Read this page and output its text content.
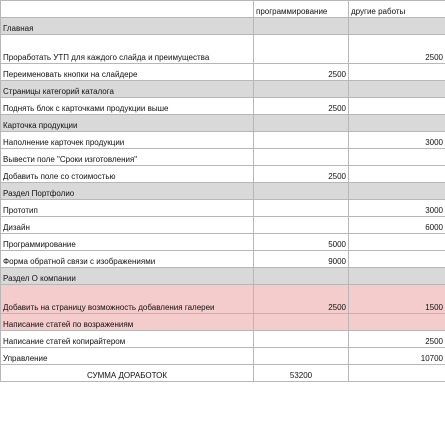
	программирование	другие работы
Главная		
Проработать УТП для каждого слайда и преимущества		2500
Переименовать кнопки на слайдере	2500	
Страницы категорий каталога		
Поднять блок с карточками продукции выше	2500	
Карточка продукции		
Наполнение карточек продукции		3000
Вывести поле "Сроки изготовления"		
Добавить поле со стоимостью	2500	
Раздел Портфолио		
Прототип		3000
Дизайн		6000
Программирование	5000	
Форма обратной связи с изображениями	9000	
Раздел О компании		
Добавить на страницу возможность добавления галереи	2500	1500
Написание статей по возражениям		
Написание статей копирайтером		2500
Управление		10700
СУММА ДОРАБОТОК	53200	
